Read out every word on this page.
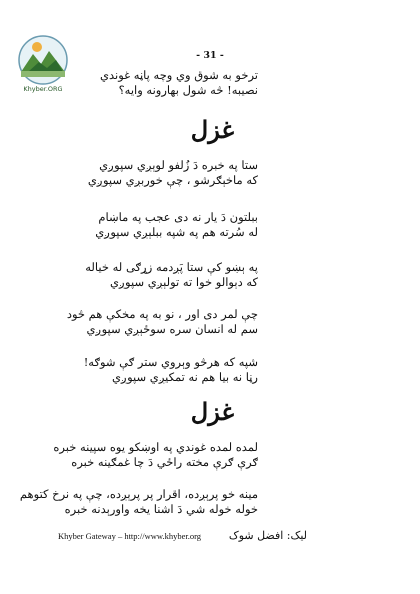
Khyber.ORG
- 31 -
ترخو به شوق وي وچه پاڼه غوندي
نصيبه! څه شول بهارونه وايه؟
غزل
ستا په خبره دَ زُلفو لوېږي سپوږي
که ماخېګرشو ، چې خوربږي سپوږي
ببلتون دَ يار نه دی عجب په ماښام
له سُرته هم په شپه ببلېږي سپوږي
په ېښو کې ستا پَږدمه زړګی له خياله
که دېوالو خوا ته تولېږي سپوږي
چې لمر دی اور ، نو به په مخکې هم څود
سم له انسان سره سوځېږي سپوږي
شپه که هرڅو وېروي ستر ګې شوګه!
رڼا نه بيا هم نه تمکيږي سپوږي
غزل
لمده لمده غوندي په اوښکو يوه سپينه خبره
ګرې ګرې مخته راځي دَ چا غمګينه خبره
مينه خو پرېږده، اقرار پر پرېږده، چې په نرخ کتوهم
خوله خوله شي دَ اشنا يخه واورېدنه خبره
Khyber Gateway – http://www.khyber.org	ليک: افضل شوک
